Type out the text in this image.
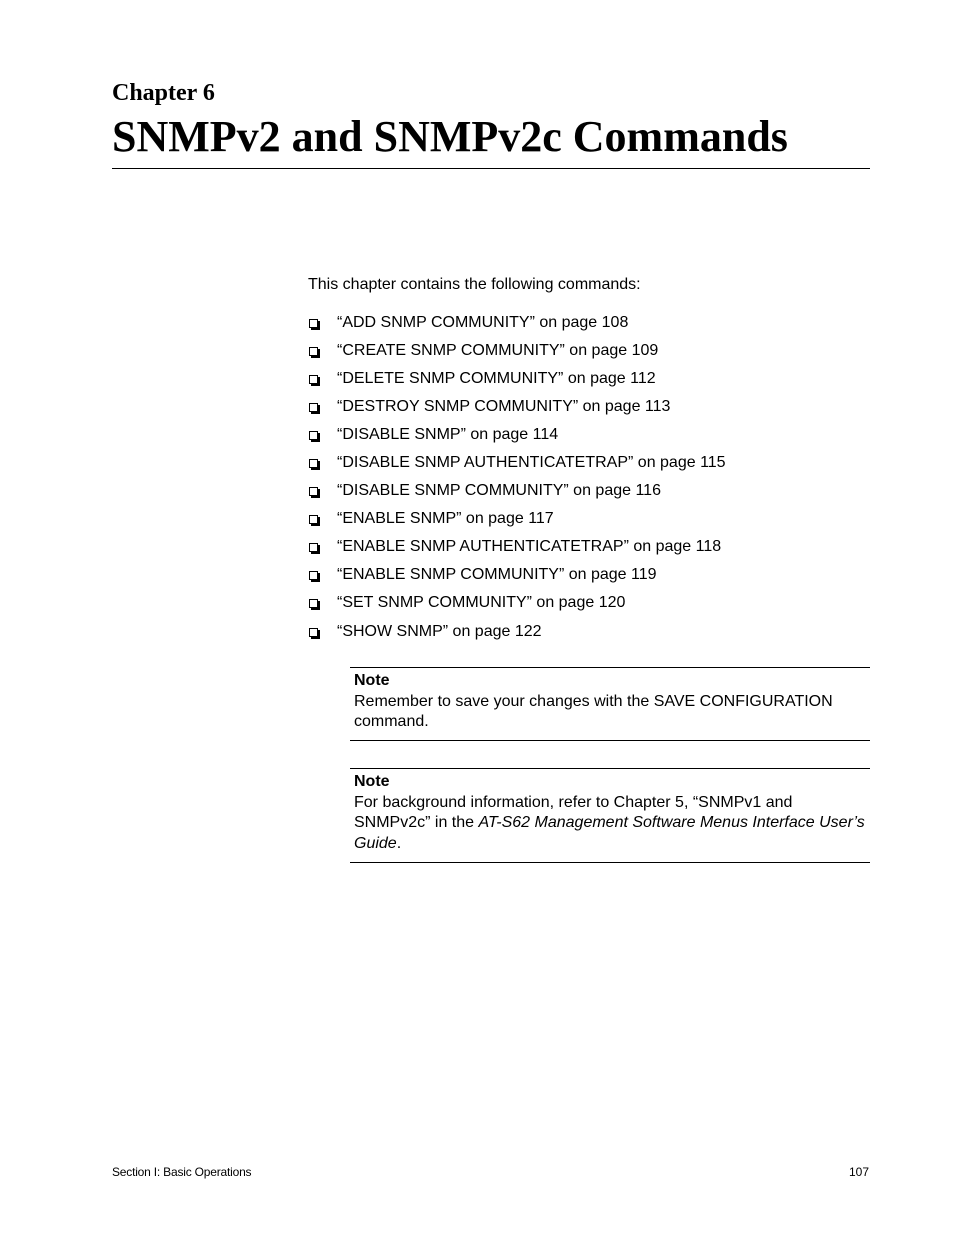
Chapter 6
SNMPv2 and SNMPv2c Commands

This chapter contains the following commands:

“ADD SNMP COMMUNITY” on page 108
“CREATE SNMP COMMUNITY” on page 109
“DELETE SNMP COMMUNITY” on page 112
“DESTROY SNMP COMMUNITY” on page 113
“DISABLE SNMP” on page 114
“DISABLE SNMP AUTHENTICATETRAP” on page 115
“DISABLE SNMP COMMUNITY” on page 116
“ENABLE SNMP” on page 117
“ENABLE SNMP AUTHENTICATETRAP” on page 118
“ENABLE SNMP COMMUNITY” on page 119
“SET SNMP COMMUNITY” on page 120
“SHOW SNMP” on page 122

Note

Remember to save your changes with the SAVE CONFIGURATION command.

Note

For background information, refer to Chapter 5, “SNMPv1 and SNMPv2c” in the AT-S62 Management Software Menus Interface User’s Guide.

Section I: Basic Operations	107
